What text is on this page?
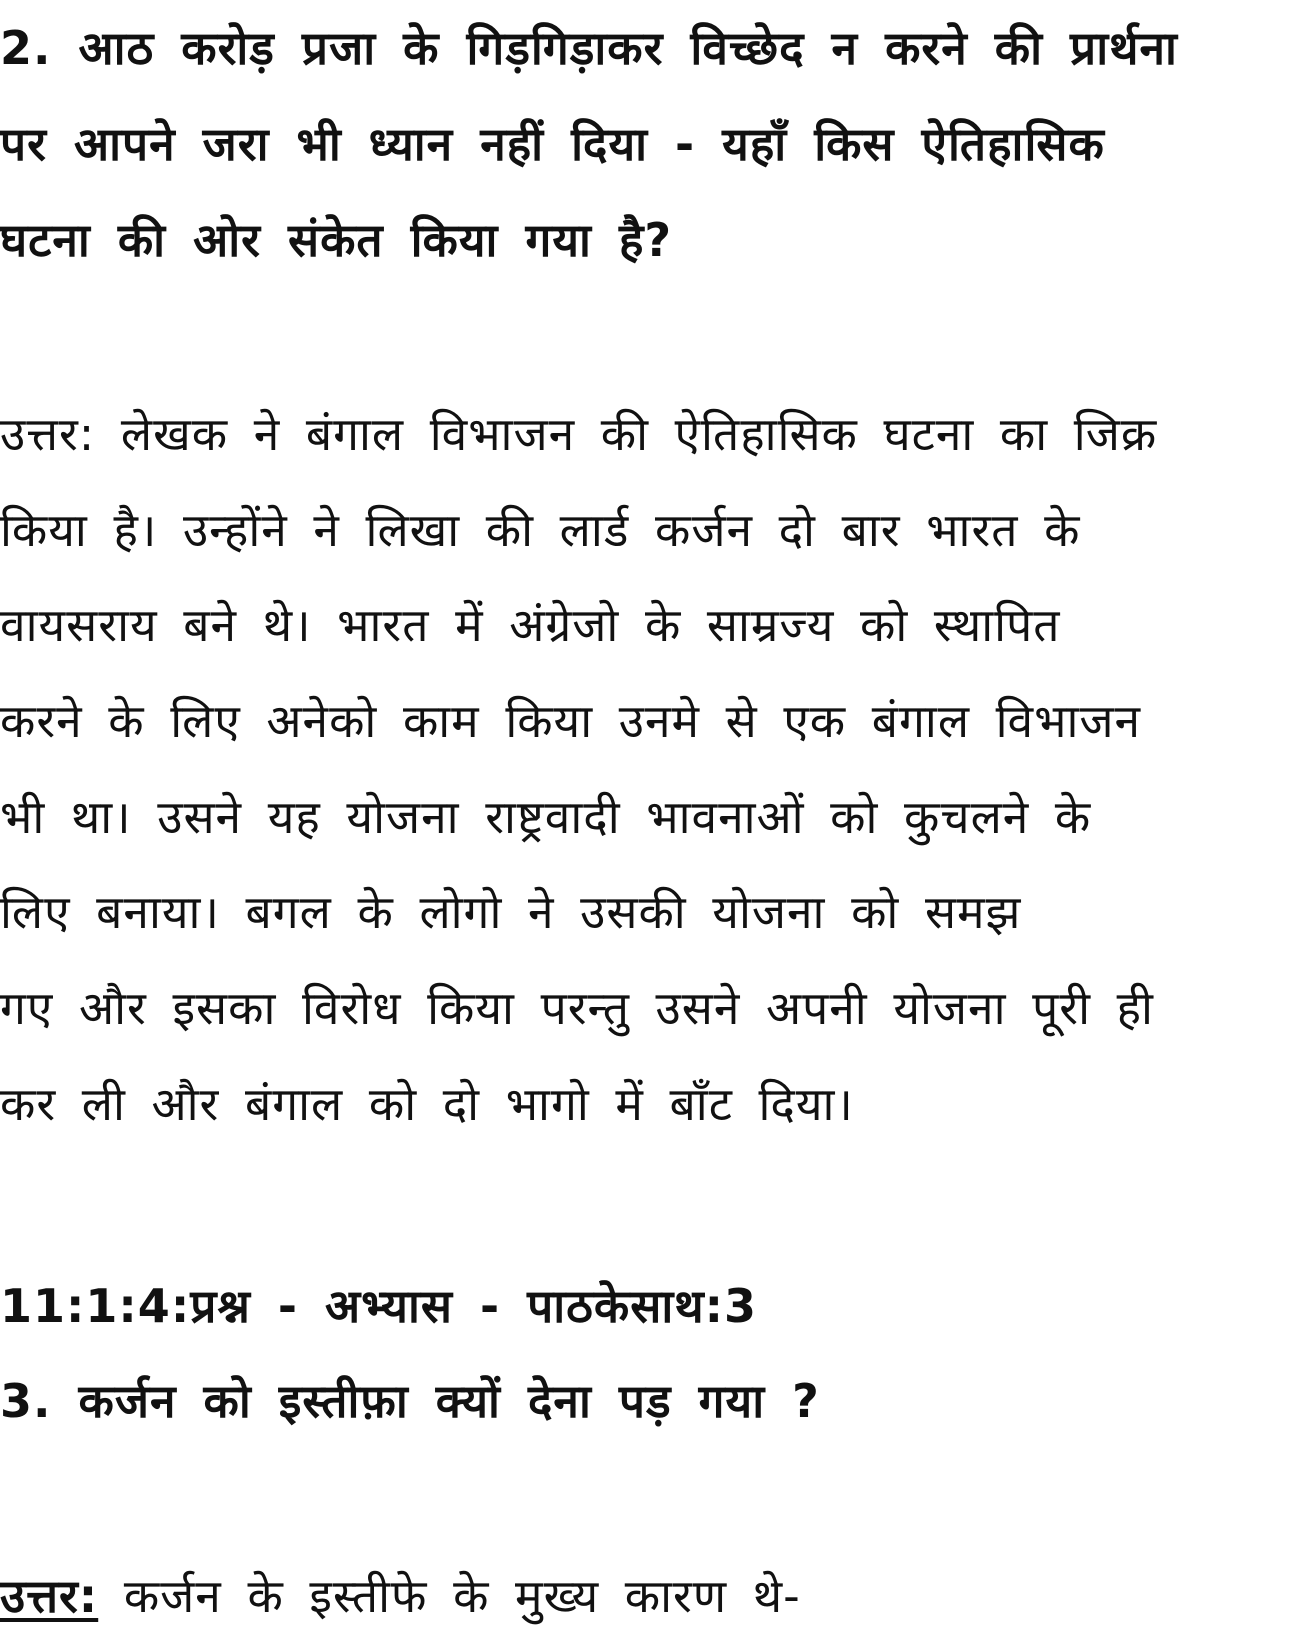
2. आठ करोड़ प्रजा के गिड़गिड़ाकर विच्छेद न करने की प्रार्थना
पर आपने जरा भी ध्यान नहीं दिया - यहाँ किस ऐतिहासिक
घटना की ओर संकेत किया गया है?
उत्तर: लेखक ने बंगाल विभाजन की ऐतिहासिक घटना का जिक्र
किया है। उन्होंने ने लिखा की लार्ड कर्जन दो बार भारत के
वायसराय बने थे। भारत में अंग्रेजो के साम्रज्य को स्थापित
करने के लिए अनेको काम किया उनमे से एक बंगाल विभाजन
भी था। उसने यह योजना राष्ट्रवादी भावनाओं को कुचलने के
लिए बनाया। बगल के लोगो ने उसकी योजना को समझ
गए और इसका विरोध किया परन्तु उसने अपनी योजना पूरी ही
कर ली और बंगाल को दो भागो में बाँट दिया।
11:1:4:प्रश्न - अभ्यास - पाठकेसाथ:3
3. कर्जन को इस्तीफ़ा क्यों देना पड़ गया ?
उत्तर: कर्जन के इस्तीफे के मुख्य कारण थे-
